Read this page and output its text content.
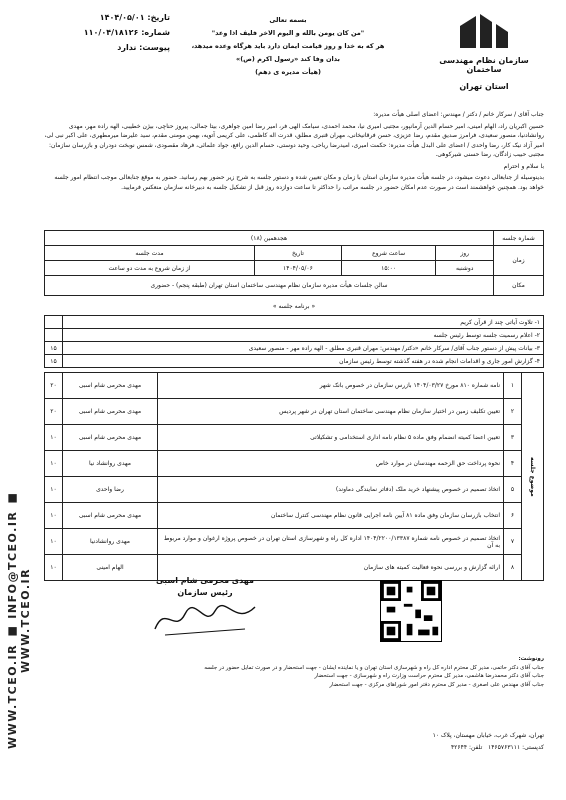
WWW.TCEO.IR ■ INFO@TCEO.IR ■ WWW.TCEO.IR
تاریخ: ۱۴۰۴/۰۵/۰۱
شماره: ۱۱۰/۰۴/۱۸۱۲۶
پیوست: ندارد
بسمه تعالی
"من کان یومن بالله و الیوم الاخر فلیف اذا وعد"
هر که به خدا و روز قیامت ایمان دارد باید هرگاه وعده میدهد،
بدان وفا کند «رسول اکرم (ص)»
(هیأت مدیره ی دهم)
سازمان نظام مهندسی ساختمان
استان تهران

جناب آقای / سرکار خانم / دکتر / مهندس: اعضای اصلی هیأت مدیره:

حسین اکبریان راد، الهام امینی، امیر حسام الدین آرمانپور، مجتبی امیری نیا، محمد احمدی، سیامک الهی فر، امیر رضا امین جواهری، بیتا جمالی، پیروز حناچی، بیژن خطیبی، الهه راده مهر، مهدی روانشادنیا، منصور سعیدی، فرامرز صدیق مقدم، رضا عزیزی، حسن فرقانیخانی، مهران قنبری مطلق، قدرت اله کاظمی، علی کریمی آتویه، بهمن مومنی مقدم، سید علیرضا میرمطهری، علی اکبر نبی لی، امیر آزاد نیک کار، رضا واحدی / اعضای علی البدل هیأت مدیره: حکمت امیری، امیدرضا ریاحی، وحید دوستی، حسام الدین رافع، جواد علمائی، فرهاد مقصودی، شمس نوبخت دودران و بازرسان سازمان: مجتبی حبیب زادگان، رضا حسنی شیرکوهی.

با سلام و احترام

بدینوسیله از جنابعالی دعوت میشود، در جلسه هیأت مدیره سازمان استان با زمان و مکان تعیین شده و دستور جلسه به شرح زیر حضور بهم رسانید. حضور به موقع جنابعالی موجب انتظام امور جلسه خواهد بود. همچنین خواهشمند است در صورت عدم امکان حضور در جلسه مراتب را حداکثر تا ساعت دوازده روز قبل از تشکیل جلسه به دبیرخانه سازمان منعکس فرمایید.

شماره جلسه	هجدهمین (۱۸)			
زمان	روز	ساعت شروع	تاریخ	مدت جلسه
	دوشنبه	۱۵:۰۰	۱۴۰۴/۰۵/۰۶	از زمان شروع به مدت دو ساعت
مکان	سالن جلسات هیأت مدیره سازمان نظام مهندسی ساختمان استان تهران (طبقه پنجم) - حضوری			
« برنامه جلسه »
۱- تلاوت آیاتی چند از قرآن کریم	
۲- اعلام رسمیت جلسه توسط رئیس جلسه	
۳- بیانات پیش از دستور جناب آقای/ سرکار خانم «دکتر/ مهندس: مهران قنبری مطلق - الهه راده مهر - منصور سعیدی	۱۵
۴- گزارش امور جاری و اقدامات انجام شده در هفته گذشته توسط رئیس سازمان	۱۵
موضوع جلسه	۱	نامه شماره ۸۱۰ مورخ ۱۴۰۴/۰۳/۲۷ بازرس سازمان در خصوص بانک شهر	مهدی محرمی شام اسبی	۲۰
	۲	تعیین تکلیف زمین در اختیار سازمان نظام مهندسی ساختمان استان تهران در شهر پردیس	مهدی محرمی شام اسبی	۲۰
	۳	تعیین اعضا کمیته انضمام وفق ماده ۵ نظام نامه اداری استخدامی و تشکیلاتی	مهدی محرمی شام اسبی	۱۰
	۴	نحوه پرداخت حق الزحمه مهندسان در موارد خاص	مهدی روانشاد نیا	۱۰
	۵	اتخاذ تصمیم در خصوص پیشنهاد خرید ملک (دفاتر نمایندگی دماوند)	رضا واحدی	۱۰
	۶	انتخاب بازرسان سازمان وفق ماده ۸۱ آیین نامه اجرایی قانون نظام مهندسی کنترل ساختمان	مهدی محرمی شام اسبی	۱۰
	۷	اتخاذ تصمیم در خصوص نامه شماره ۱۴۰۴/۲۲۰۰/۱۳۳۸۷ اداره کل راه و شهرسازی استان تهران در خصوص پروژه ارغوان و موارد مربوط به آن	مهدی روانشادنیا	۱۰
	۸	ارائه گزارش و بررسی نحوه فعالیت کمیته های سازمان	الهام امینی	۱۰
مهدی محرمی شام اسبی
رئیس سازمان
رونوشت:
جناب آقای دکتر حاتمی، مدیر کل محترم اداره کل راه و شهرسازی استان تهران و یا نماینده ایشان - جهت استحضار و در صورت تمایل حضور در جلسه
جناب آقای دکتر محمدرضا هاشمی، مدیر کل محترم حراست وزارت راه و شهرسازی - جهت استحضار
جناب آقای مهندس علی اصغری - مدیر کل محترم دفتر امور شوراهای مرکزی - جهت استحضار
تهران، شهرک غرب، خیابان مهستان، پلاک ۱۰
کدپستی: ۱۴۶۵۷۶۳۱۱۱   تلفن: ۴۲۶۴۴
